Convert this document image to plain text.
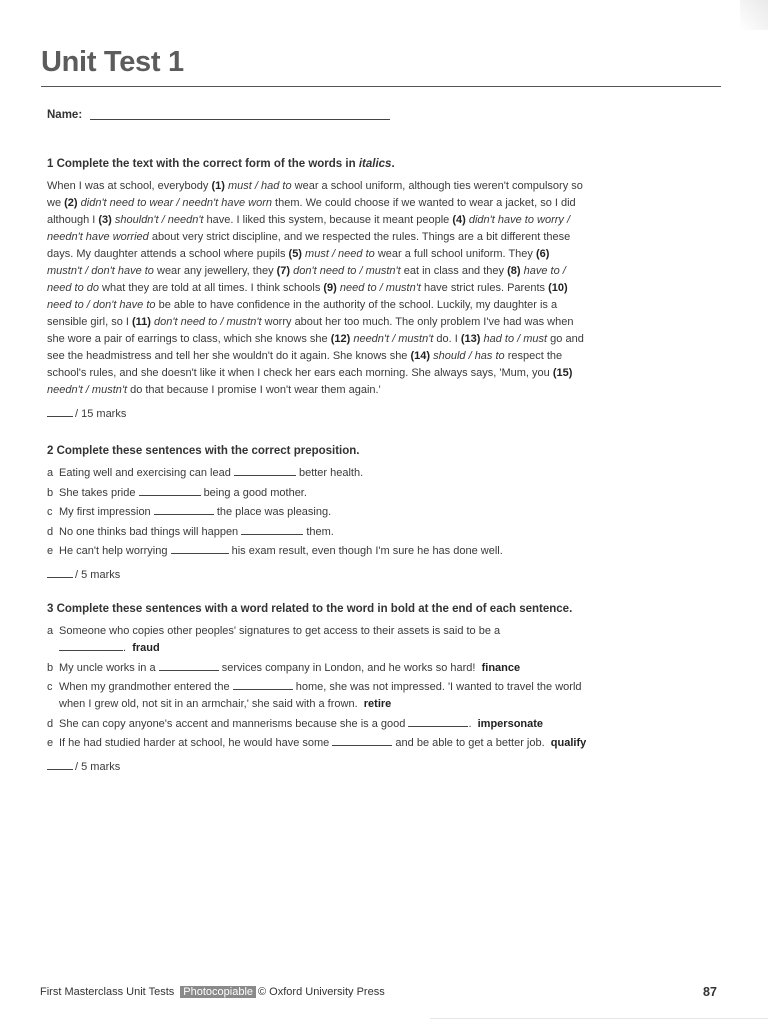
Unit Test 1
Name:
1 Complete the text with the correct form of the words in italics.

When I was at school, everybody (1) must / had to wear a school uniform, although ties weren't compulsory so we (2) didn't need to wear / needn't have worn them. We could choose if we wanted to wear a jacket, so I did although I (3) shouldn't / needn't have. I liked this system, because it meant people (4) didn't have to worry / needn't have worried about very strict discipline, and we respected the rules. Things are a bit different these days. My daughter attends a school where pupils (5) must / need to wear a full school uniform. They (6) mustn't / don't have to wear any jewellery, they (7) don't need to / mustn't eat in class and they (8) have to / need to do what they are told at all times. I think schools (9) need to / mustn't have strict rules. Parents (10) need to / don't have to be able to have confidence in the authority of the school. Luckily, my daughter is a sensible girl, so I (11) don't need to / mustn't worry about her too much. The only problem I've had was when she wore a pair of earrings to class, which she knows she (12) needn't / mustn't do. I (13) had to / must go and see the headmistress and tell her she wouldn't do it again. She knows she (14) should / has to respect the school's rules, and she doesn't like it when I check her ears each morning. She always says, 'Mum, you (15) needn't / mustn't do that because I promise I won't wear them again.'

/ 15 marks
2 Complete these sentences with the correct preposition.
a Eating well and exercising can lead	better health.
b She takes pride	being a good mother.
c My first impression	the place was pleasing.
d No one thinks bad things will happen	them.
e He can't help worrying	his exam result, even though I'm sure he has done well.
/ 5 marks
3 Complete these sentences with a word related to the word in bold at the end of each sentence.
a Someone who copies other peoples' signatures to get access to their assets is said to be a
. fraud
b My uncle works in a	services company in London, and he works so hard! finance
c When my grandmother entered the	home, she was not impressed. 'I wanted to travel the world when I grew old, not sit in an armchair,' she said with a frown. retire
d She can copy anyone's accent and mannerisms because she is a good	. impersonate
e If he had studied harder at school, he would have some	and be able to get a better job. qualify
/ 5 marks
First Masterclass Unit Tests Photocopiable © Oxford University Press	87
